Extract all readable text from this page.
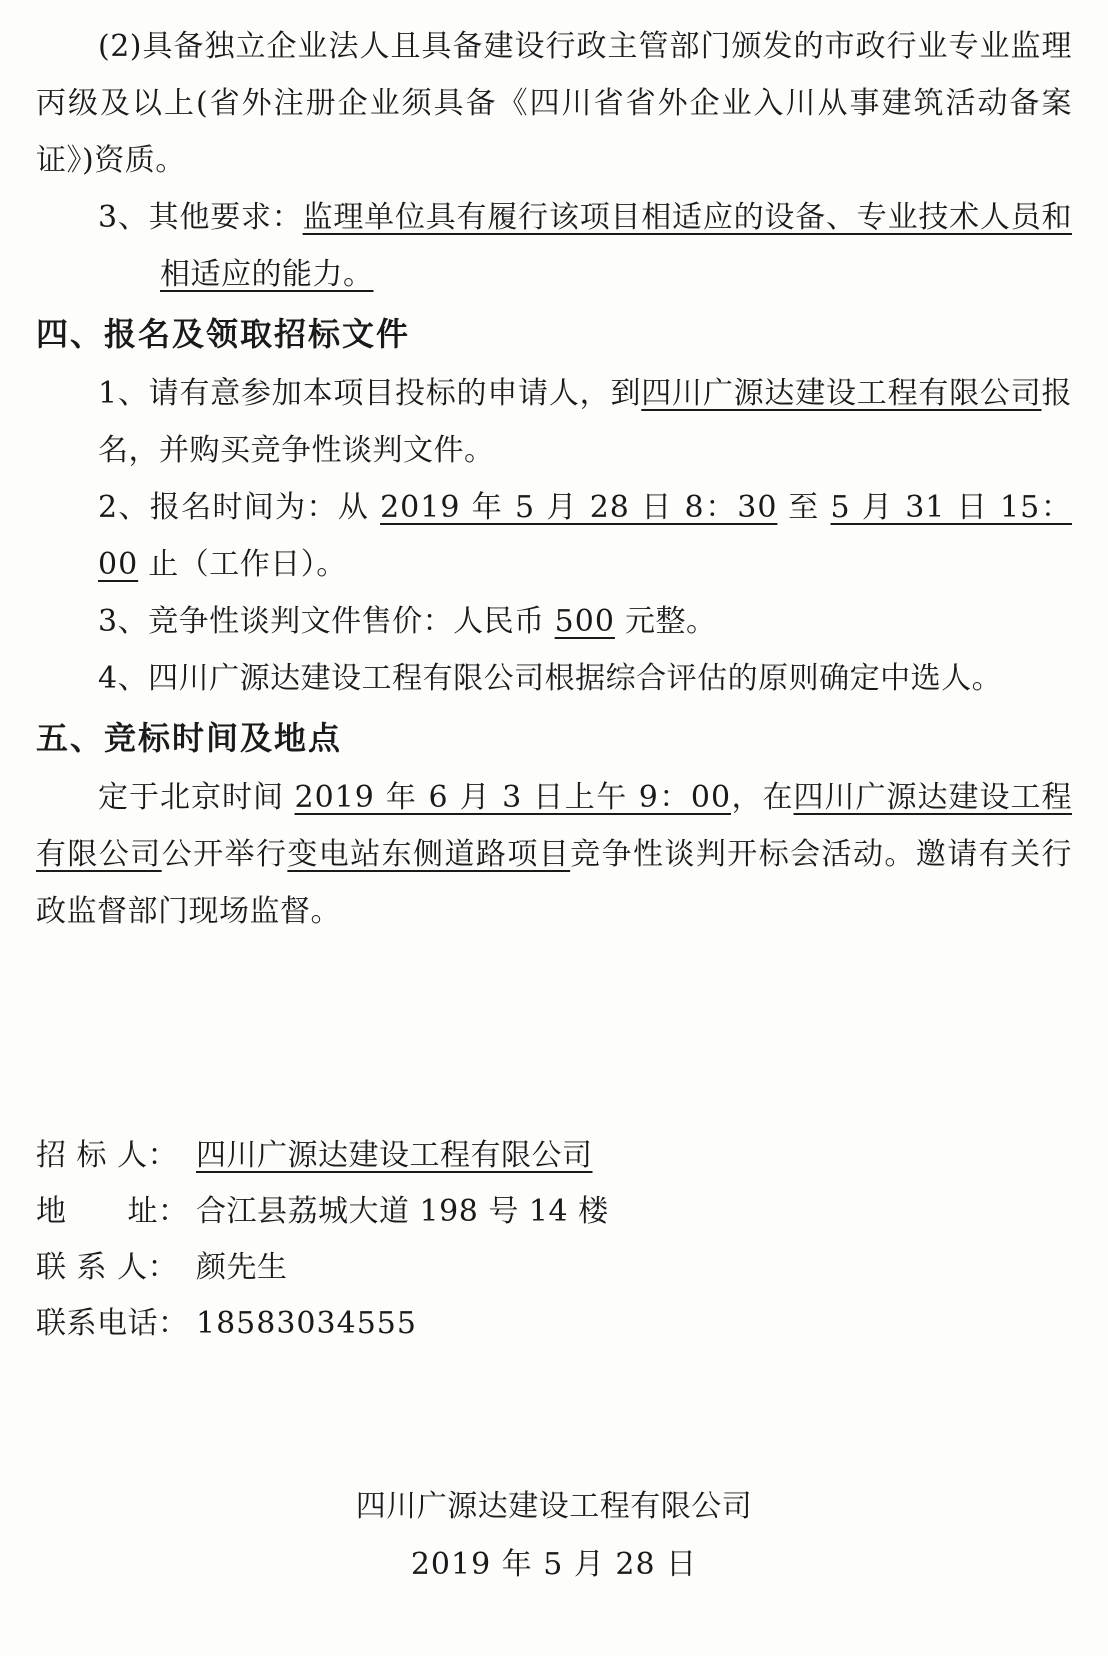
(2)具备独立企业法人且具备建设行政主管部门颁发的市政行业专业监理丙级及以上(省外注册企业须具备《四川省省外企业入川从事建筑活动备案证》)资质。

3、其他要求：监理单位具有履行该项目相适应的设备、专业技术人员和相适应的能力。

四、报名及领取招标文件

1、请有意参加本项目投标的申请人，到四川广源达建设工程有限公司报名，并购买竞争性谈判文件。

2、报名时间为：从 2019 年 5 月 28 日 8：30 至 5 月 31 日 15：00 止（工作日）。

3、竞争性谈判文件售价：人民币 500 元整。

4、四川广源达建设工程有限公司根据综合评估的原则确定中选人。

五、竞标时间及地点

定于北京时间 2019 年 6 月 3 日上午 9：00，在四川广源达建设工程有限公司公开举行变电站东侧道路项目竞争性谈判开标会活动。邀请有关行政监督部门现场监督。

招 标 人： 四川广源达建设工程有限公司

地　　址： 合江县荔城大道 198 号 14 楼

联 系 人： 颜先生

联系电话： 18583034555

四川广源达建设工程有限公司

2019 年 5 月 28 日
